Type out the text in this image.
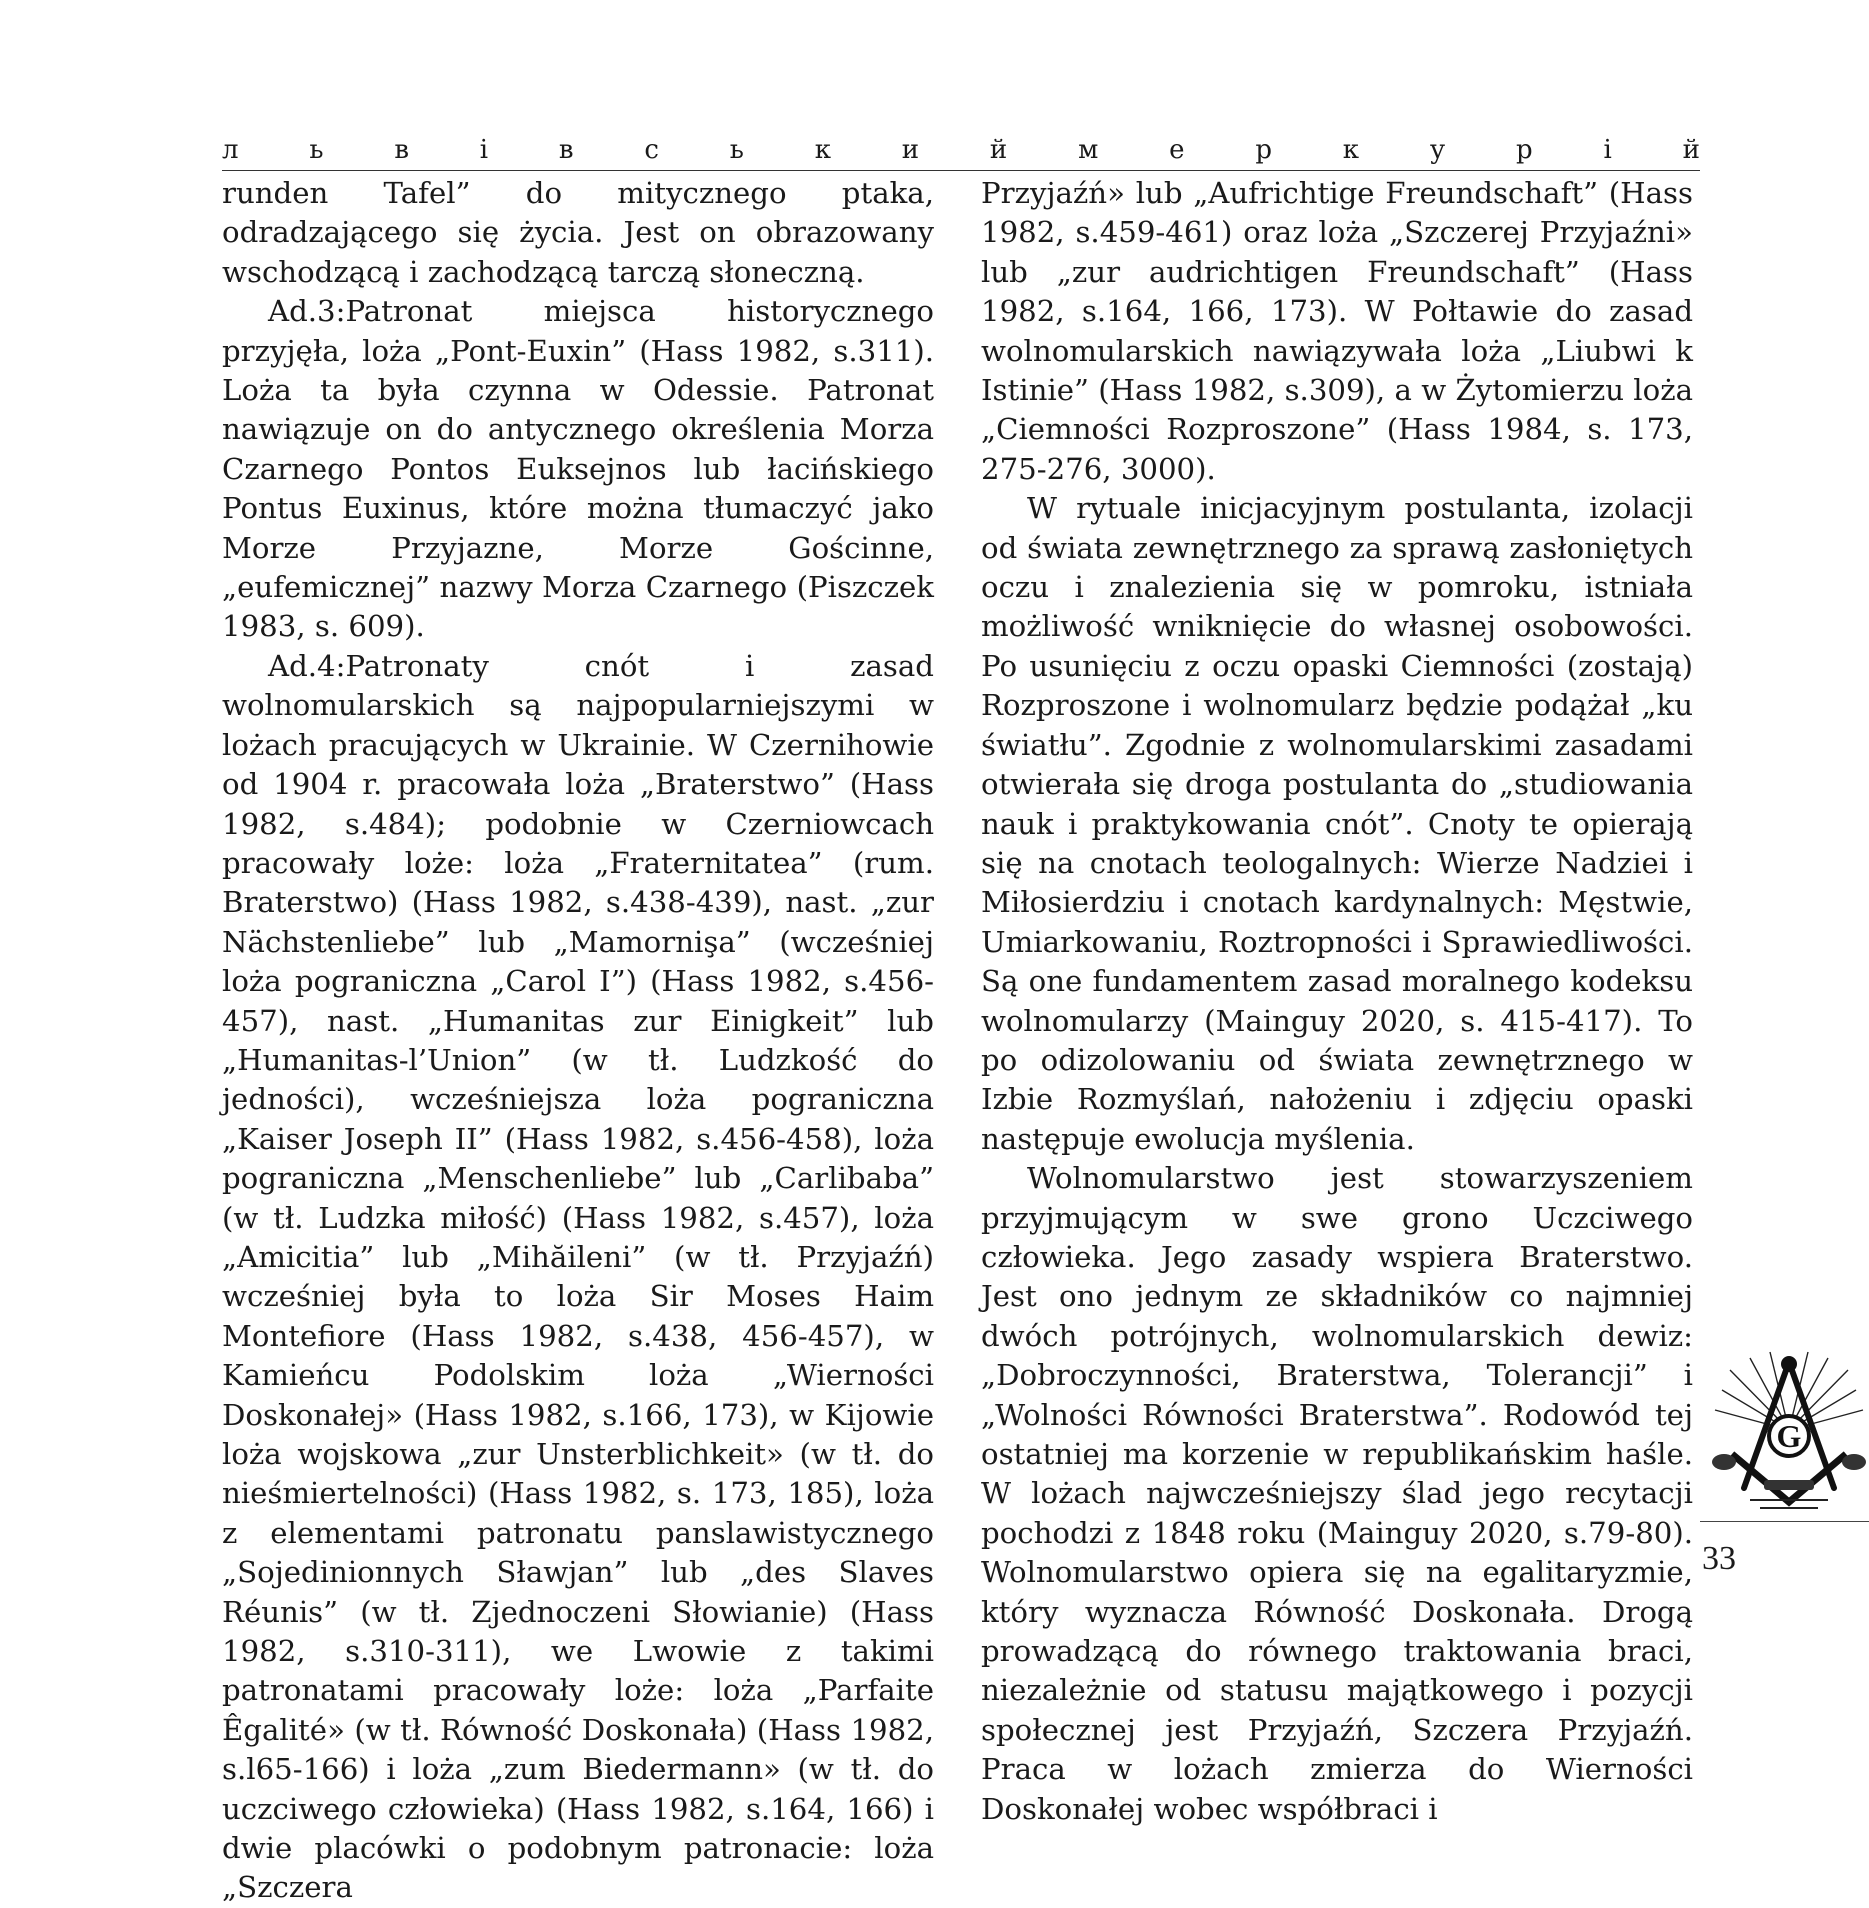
л	ь	в	і	в	с	ь	к	и	й	м	е	р	к	у	р	і	й

runden Tafel” do mitycznego ptaka, odradzającego się życia. Jest on obrazowany wschodzącą i zachodzącą tarczą słoneczną.

Ad.3:Patronat miejsca historycznego przyjęła, loża „Pont-Euxin” (Hass 1982, s.311). Loża ta była czynna w Odessie. Patronat nawiązuje on do antycznego określenia Morza Czarnego Pontos Euksejnos lub łacińskiego Pontus Euxinus, które można tłumaczyć jako Morze Przyjazne, Morze Gościnne, „eufemicznej” nazwy Morza Czarnego (Piszczek 1983, s. 609).

Ad.4:Patronaty cnót i zasad wolnomularskich są najpopularniejszymi w lożach pracujących w Ukrainie. W Czernihowie od 1904 r. pracowała loża „Braterstwo” (Hass 1982, s.484); podobnie w Czerniowcach pracowały loże: loża „Fraternitatea” (rum. Braterstwo) (Hass 1982, s.438-439), nast. „zur Nächstenliebe” lub „Mamornişa” (wcześniej loża pograniczna „Carol I”) (Hass 1982, s.456-457), nast. „Humanitas zur Einigkeit” lub „Humanitas-l’Union” (w tł. Ludzkość do jedności), wcześniejsza loża pograniczna „Kaiser Joseph II” (Hass 1982, s.456-458), loża pograniczna „Menschenliebe” lub „Carlibaba” (w tł. Ludzka miłość) (Hass 1982, s.457), loża „Amicitia” lub „Mihăileni” (w tł. Przyjaźń) wcześniej była to loża Sir Moses Haim Montefiore (Hass 1982, s.438, 456-457), w Kamieńcu Podolskim loża „Wierności Doskonałej» (Hass 1982, s.166, 173), w Kijowie loża wojskowa „zur Unsterblichkeit» (w tł. do nieśmiertelności) (Hass 1982, s. 173, 185), loża z elementami patronatu panslawistycznego „Sojedinionnych Sławjan” lub „des Slaves Réunis” (w tł. Zjednoczeni Słowianie) (Hass 1982, s.310-311), we Lwowie z takimi patronatami pracowały loże: loża „Parfaite Êgalité» (w tł. Równość Doskonała) (Hass 1982, s.l65-166) i loża „zum Biedermann» (w tł. do uczciwego człowieka) (Hass 1982, s.164, 166) i dwie placówki o podobnym patronacie: loża „Szczera

Przyjaźń» lub „Aufrichtige Freundschaft” (Hass 1982, s.459-461) oraz loża „Szczerej Przyjaźni» lub „zur audrichtigen Freundschaft” (Hass 1982, s.164, 166, 173). W Połtawie do zasad wolnomularskich nawiązywała loża „Liubwi k Istinie” (Hass 1982, s.309), a w Żytomierzu loża „Ciemności Rozproszone” (Hass 1984, s. 173, 275-276, 3000).

W rytuale inicjacyjnym postulanta, izolacji od świata zewnętrznego za sprawą zasłoniętych oczu i znalezienia się w pomroku, istniała możliwość wniknięcie do własnej osobowości. Po usunięciu z oczu opaski Ciemności (zostają) Rozproszone i wolnomularz będzie podążał „ku światłu”. Zgodnie z wolnomularskimi zasadami otwierała się droga postulanta do „studiowania nauk i praktykowania cnót”. Cnoty te opierają się na cnotach teologalnych: Wierze Nadziei i Miłosierdziu i cnotach kardynalnych: Męstwie, Umiarkowaniu, Roztropności i Sprawiedliwości. Są one fundamentem zasad moralnego kodeksu wolnomularzy (Mainguy 2020, s. 415-417). To po odizolowaniu od świata zewnętrznego w Izbie Rozmyślań, nałożeniu i zdjęciu opaski następuje ewolucja myślenia.

Wolnomularstwo jest stowarzyszeniem przyjmującym w swe grono Uczciwego człowieka. Jego zasady wspiera Braterstwo. Jest ono jednym ze składników co najmniej dwóch potrójnych, wolnomularskich dewiz: „Dobroczynności, Braterstwa, Tolerancji” i „Wolności Równości Braterstwa”. Rodowód tej ostatniej ma korzenie w republikańskim haśle. W lożach najwcześniejszy ślad jego recytacji pochodzi z 1848 roku (Mainguy 2020, s.79-80). Wolnomularstwo opiera się na egalitaryzmie, który wyznacza Równość Doskonała. Drogą prowadzącą do równego traktowania braci, niezależnie od statusu majątkowego i pozycji społecznej jest Przyjaźń, Szczera Przyjaźń. Praca w lożach zmierza do Wierności Doskonałej wobec współbraci i

G
33
